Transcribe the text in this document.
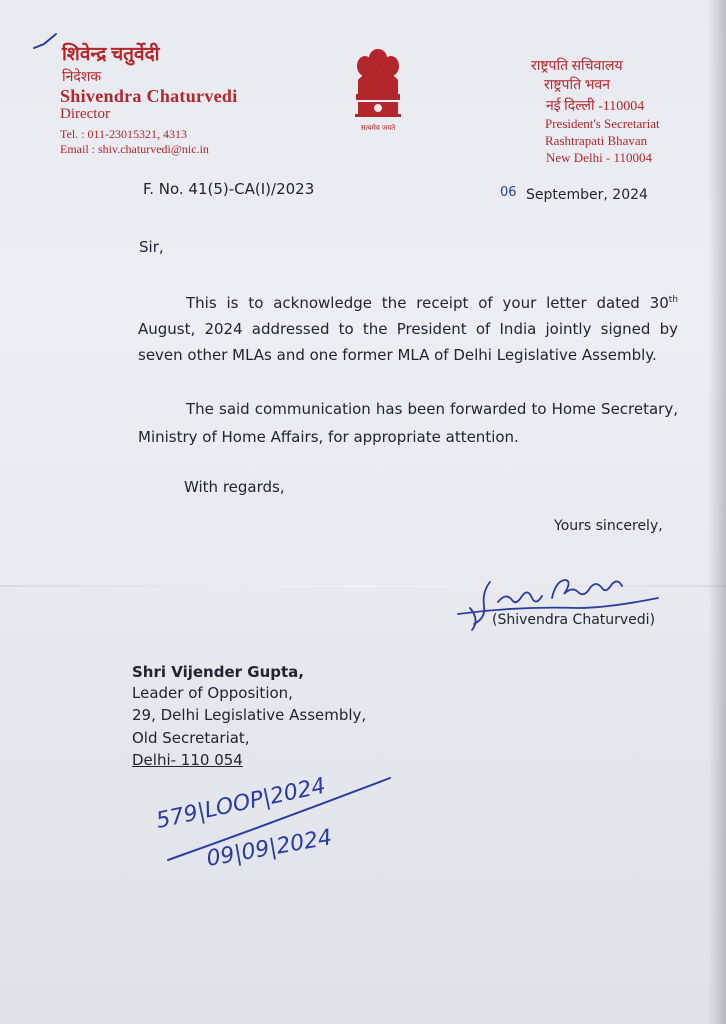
शिवेन्द्र चतुर्वेदी
निदेशक
Shivendra Chaturvedi
Director
Tel. : 011-23015321, 4313
Email : shiv.chaturvedi@nic.in
सत्यमेव जयते
राष्ट्रपति सचिवालय
राष्ट्रपति भवन
नई दिल्ली -110004
President's Secretariat
Rashtrapati Bhavan
New Delhi - 110004
F. No. 41(5)-CA(I)/2023	06 September, 2024
Sir,
This is to acknowledge the receipt of your letter dated 30th August, 2024 addressed to the President of India jointly signed by seven other MLAs and one former MLA of Delhi Legislative Assembly.
The said communication has been forwarded to Home Secretary, Ministry of Home Affairs, for appropriate attention.
With regards,
Yours sincerely,
(Shivendra Chaturvedi)
Shri Vijender Gupta,
Leader of Opposition,
29, Delhi Legislative Assembly,
Old Secretariat,
Delhi- 110 054
579|LOOP|2024
09|09|2024
